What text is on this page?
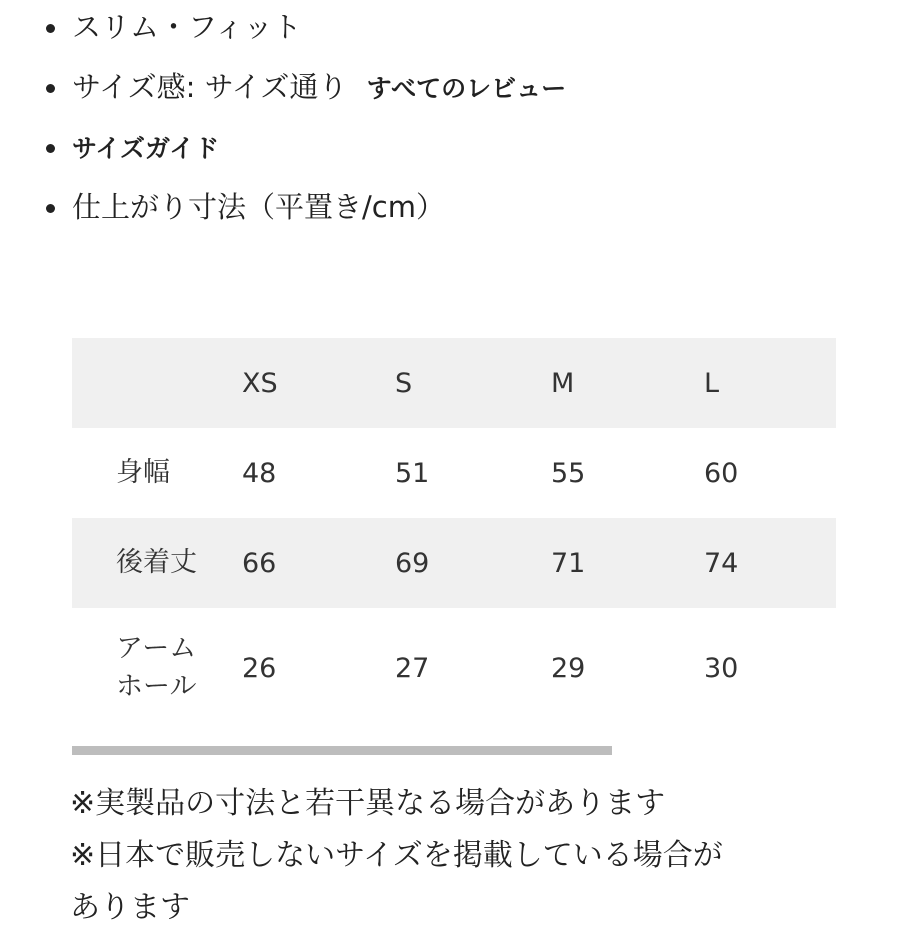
スリム・フィット
サイズ感: サイズ通り すべてのレビュー
サイズガイド
仕上がり寸法（平置き/cm）
	XS	S	M	L
身幅	48	51	55	60
後着丈	66	69	71	74
アーム
ホール	26	27	29	30
※実製品の寸法と若干異なる場合があります
※日本で販売しないサイズを掲載している場合が
あります
